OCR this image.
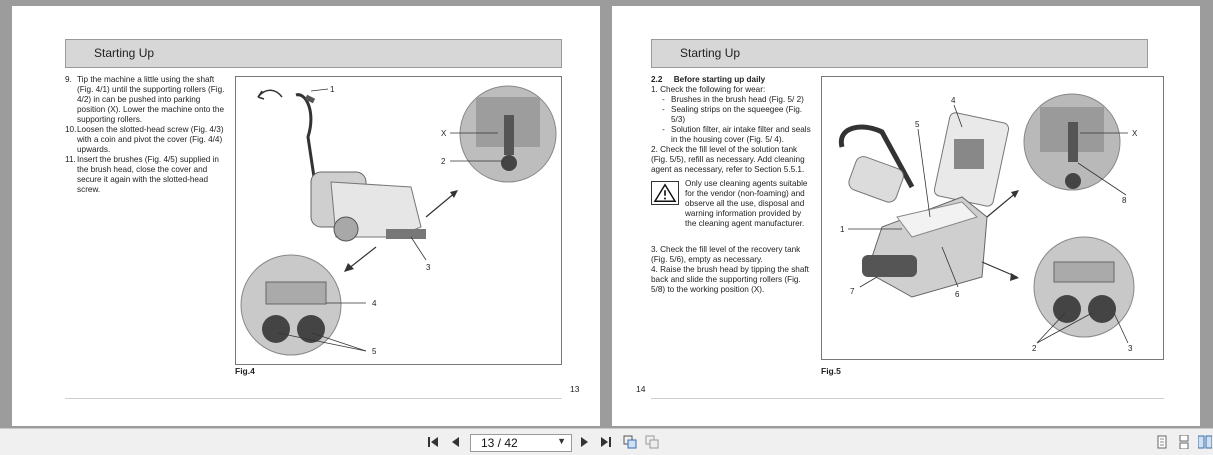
Starting Up
9. Tip the machine a little using the shaft (Fig. 4/1) until the supporting rollers (Fig. 4/2) in can be pushed into parking position (X). Lower the machine onto the supporting rollers.
10. Loosen the slotted-head screw (Fig. 4/3) with a coin and pivot the cover (Fig. 4/4) upwards.
11. Insert the brushes (Fig. 4/5) supplied in the brush head, close the cover and secure it again with the slotted-head screw.
1
X
2
3
4
5
Fig.4
13
Starting Up
2.2 Before starting up daily
1. Check the following for wear:
- Brushes in the brush head (Fig. 5/ 2)
- Sealing strips on the squeegee (Fig. 5/3)
- Solution filter, air intake filter and seals in the housing cover (Fig. 5/ 4).
2. Check the fill level of the solution tank (Fig. 5/5), refill as necessary. Add cleaning agent as necessary, refer to Section 5.5.1.
Only use cleaning agents suitable for the vendor (non-foaming) and observe all the use, disposal and warning information provided by the cleaning agent manufacturer.
3. Check the fill level of the recovery tank (Fig. 5/6), empty as necessary.
4. Raise the brush head by tipping the shaft back and slide the supporting rollers (Fig. 5/8) to the working position (X).
4
5
X
1
8
7	6
2	3
Fig.5
14
13 / 42	▼
